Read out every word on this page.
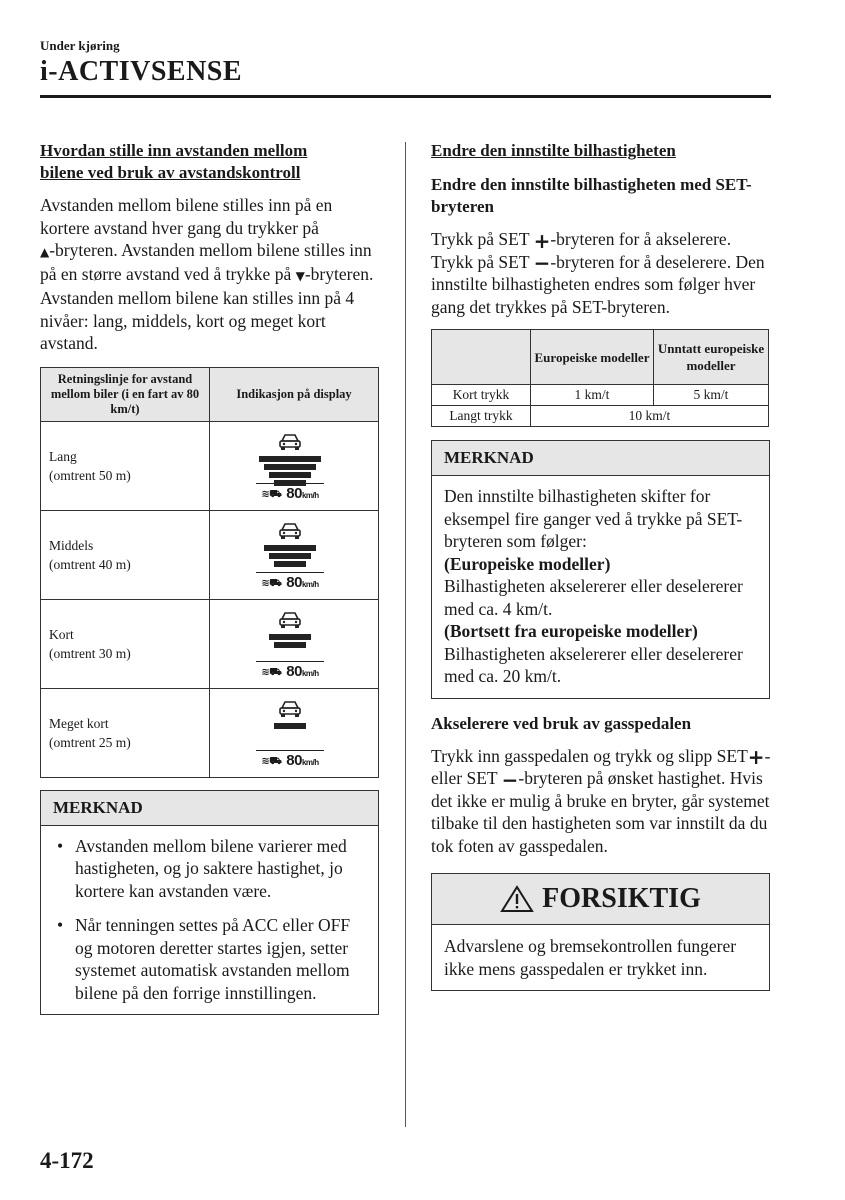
Under kjøring
i-ACTIVSENSE

Hvordan stille inn avstanden mellom
bilene ved bruk av avstandskontroll

Avstanden mellom bilene stilles inn på en kortere avstand hver gang du trykker på
▲-bryteren. Avstanden mellom bilene stilles inn på en større avstand ved å trykke på ▼-bryteren. Avstanden mellom bilene kan stilles inn på 4 nivåer: lang, middels, kort og meget kort avstand.

Retningslinje for avstand mellom biler (i en fart av 80 km/t)	Indikasjon på display
Lang
(omtrent 50 m)	≋⛟ 80km/h

Middels
(omtrent 40 m)	≋⛟ 80km/h

Kort
(omtrent 30 m)	≋⛟ 80km/h

Meget kort
(omtrent 25 m)	≋⛟ 80km/h
MERKNAD
• Avstanden mellom bilene varierer med hastigheten, og jo saktere hastighet, jo kortere kan avstanden være.
• Når tenningen settes på ACC eller OFF og motoren deretter startes igjen, setter systemet automatisk avstanden mellom bilene på den forrige innstillingen.

Endre den innstilte bilhastigheten

Endre den innstilte bilhastigheten med SET-bryteren

Trykk på SET +-bryteren for å akselerere. Trykk på SET −-bryteren for å deselerere. Den innstilte bilhastigheten endres som følger hver gang det trykkes på SET-bryteren.

	Europeiske modeller	Unntatt europeiske modeller
Kort trykk	1 km/t	5 km/t
Langt trykk	10 km/t	
MERKNAD
Den innstilte bilhastigheten skifter for eksempel fire ganger ved å trykke på SET-bryteren som følger:
(Europeiske modeller)
Bilhastigheten akselererer eller deselererer med ca. 4 km/t.
(Bortsett fra europeiske modeller)
Bilhastigheten akselererer eller deselererer med ca. 20 km/t.

Akselerere ved bruk av gasspedalen

Trykk inn gasspedalen og trykk og slipp SET+- eller SET −-bryteren på ønsket hastighet. Hvis det ikke er mulig å bruke en bryter, går systemet tilbake til den hastigheten som var innstilt da du tok foten av gasspedalen.

FORSIKTIG
Advarslene og bremsekontrollen fungerer ikke mens gasspedalen er trykket inn.
4-172
